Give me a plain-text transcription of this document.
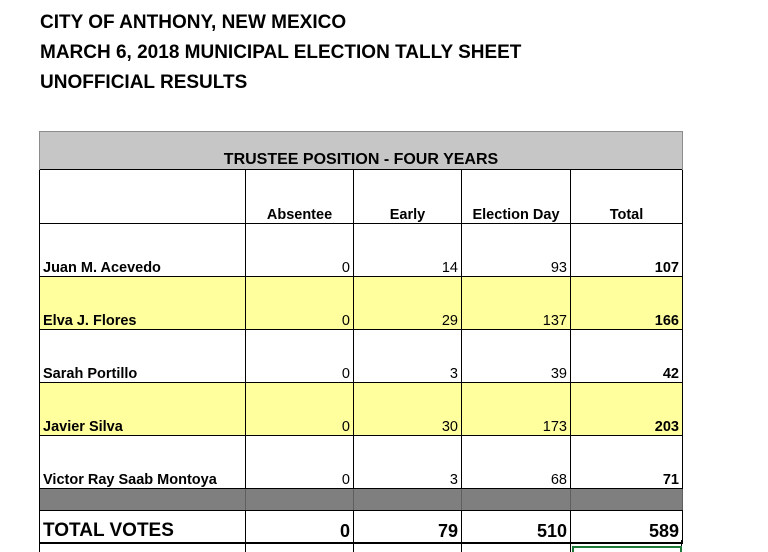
CITY OF ANTHONY, NEW MEXICO
MARCH 6, 2018 MUNICIPAL ELECTION TALLY SHEET
UNOFFICIAL RESULTS
TRUSTEE POSITION - FOUR YEARS				
	Absentee	Early	Election Day	Total
Juan M. Acevedo	0	14	93	107
Elva J. Flores	0	29	137	166
Sarah Portillo	0	3	39	42
Javier Silva	0	30	173	203
Victor Ray Saab Montoya	0	3	68	71

TOTAL VOTES	0	79	510	589
